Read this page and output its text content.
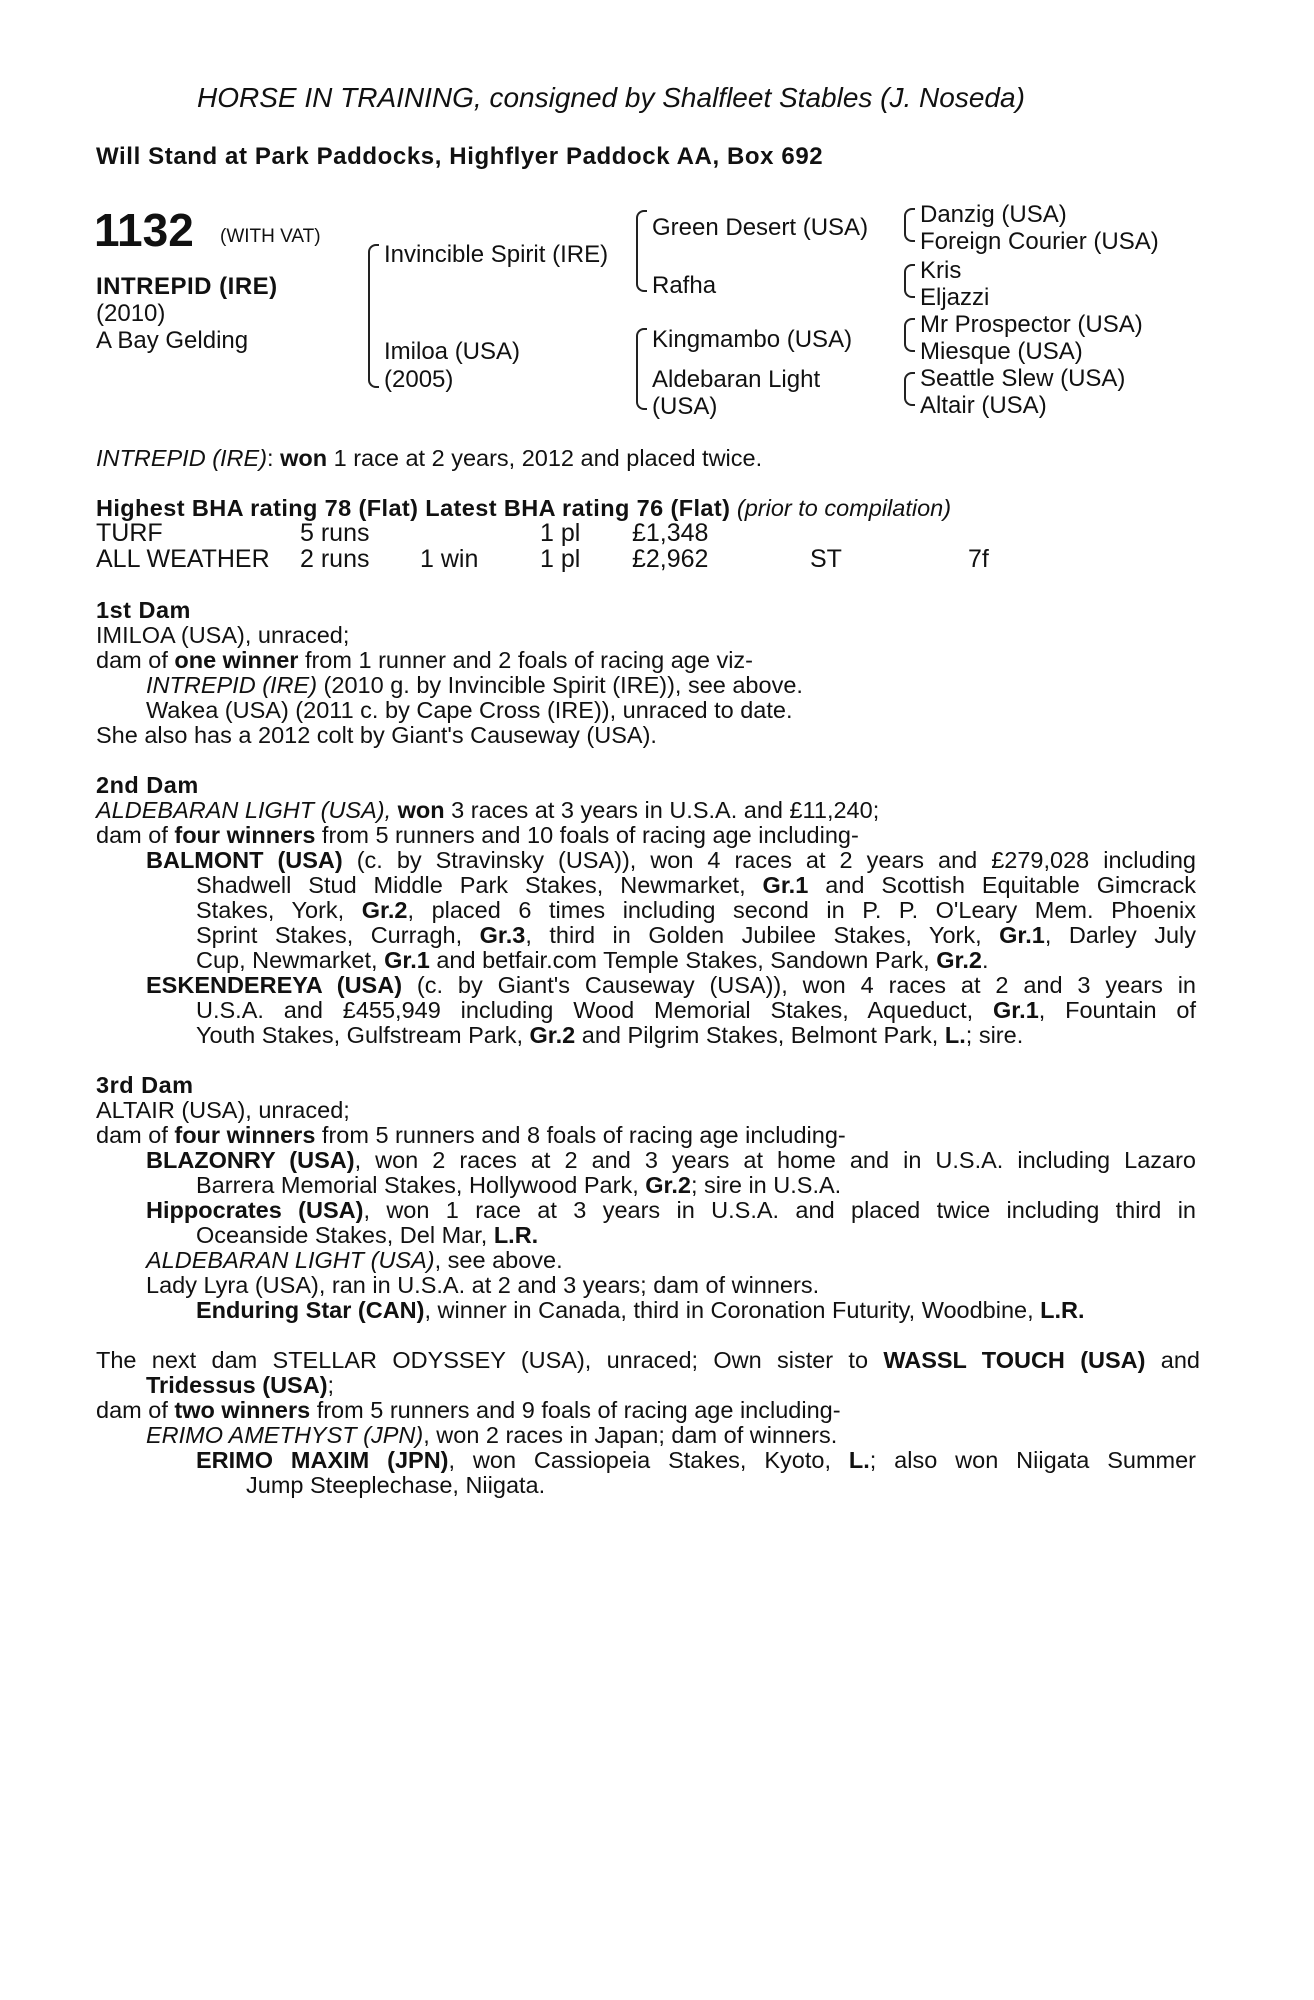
HORSE IN TRAINING, consigned by Shalfleet Stables (J. Noseda)
Will Stand at Park Paddocks, Highflyer Paddock AA, Box 692
1132 (WITH VAT)
INTREPID (IRE)
(2010)
A Bay Gelding
Invincible Spirit (IRE)
Imiloa (USA)
(2005)
Green Desert (USA)
Rafha
Kingmambo (USA)
Aldebaran Light
(USA)
Danzig (USA)
Foreign Courier (USA)
Kris
Eljazzi
Mr Prospector (USA)
Miesque (USA)
Seattle Slew (USA)
Altair (USA)
INTREPID (IRE): won 1 race at 2 years, 2012 and placed twice.
Highest BHA rating 78 (Flat) Latest BHA rating 76 (Flat) (prior to compilation)
TURF	5 runs	1 pl £1,348
ALL WEATHER 2 runs 1 win 1 pl £2,962	ST	7f
1st Dam
IMILOA (USA), unraced;
dam of one winner from 1 runner and 2 foals of racing age viz-
INTREPID (IRE) (2010 g. by Invincible Spirit (IRE)), see above.
Wakea (USA) (2011 c. by Cape Cross (IRE)), unraced to date.
She also has a 2012 colt by Giant's Causeway (USA).
2nd Dam
ALDEBARAN LIGHT (USA), won 3 races at 3 years in U.S.A. and £11,240;
dam of four winners from 5 runners and 10 foals of racing age including-
BALMONT (USA) (c. by Stravinsky (USA)), won 4 races at 2 years and £279,028 including
Shadwell Stud Middle Park Stakes, Newmarket, Gr.1 and Scottish Equitable Gimcrack
Stakes, York, Gr.2, placed 6 times including second in P. P. O'Leary Mem. Phoenix
Sprint Stakes, Curragh, Gr.3, third in Golden Jubilee Stakes, York, Gr.1, Darley July
Cup, Newmarket, Gr.1 and betfair.com Temple Stakes, Sandown Park, Gr.2.
ESKENDEREYA (USA) (c. by Giant's Causeway (USA)), won 4 races at 2 and 3 years in
U.S.A. and £455,949 including Wood Memorial Stakes, Aqueduct, Gr.1, Fountain of
Youth Stakes, Gulfstream Park, Gr.2 and Pilgrim Stakes, Belmont Park, L.; sire.
3rd Dam
ALTAIR (USA), unraced;
dam of four winners from 5 runners and 8 foals of racing age including-
BLAZONRY (USA), won 2 races at 2 and 3 years at home and in U.S.A. including Lazaro
Barrera Memorial Stakes, Hollywood Park, Gr.2; sire in U.S.A.
Hippocrates (USA), won 1 race at 3 years in U.S.A. and placed twice including third in
Oceanside Stakes, Del Mar, L.R.
ALDEBARAN LIGHT (USA), see above.
Lady Lyra (USA), ran in U.S.A. at 2 and 3 years; dam of winners.
Enduring Star (CAN), winner in Canada, third in Coronation Futurity, Woodbine, L.R.
The next dam STELLAR ODYSSEY (USA), unraced; Own sister to WASSL TOUCH (USA) and
Tridessus (USA);
dam of two winners from 5 runners and 9 foals of racing age including-
ERIMO AMETHYST (JPN), won 2 races in Japan; dam of winners.
ERIMO MAXIM (JPN), won Cassiopeia Stakes, Kyoto, L.; also won Niigata Summer
Jump Steeplechase, Niigata.
